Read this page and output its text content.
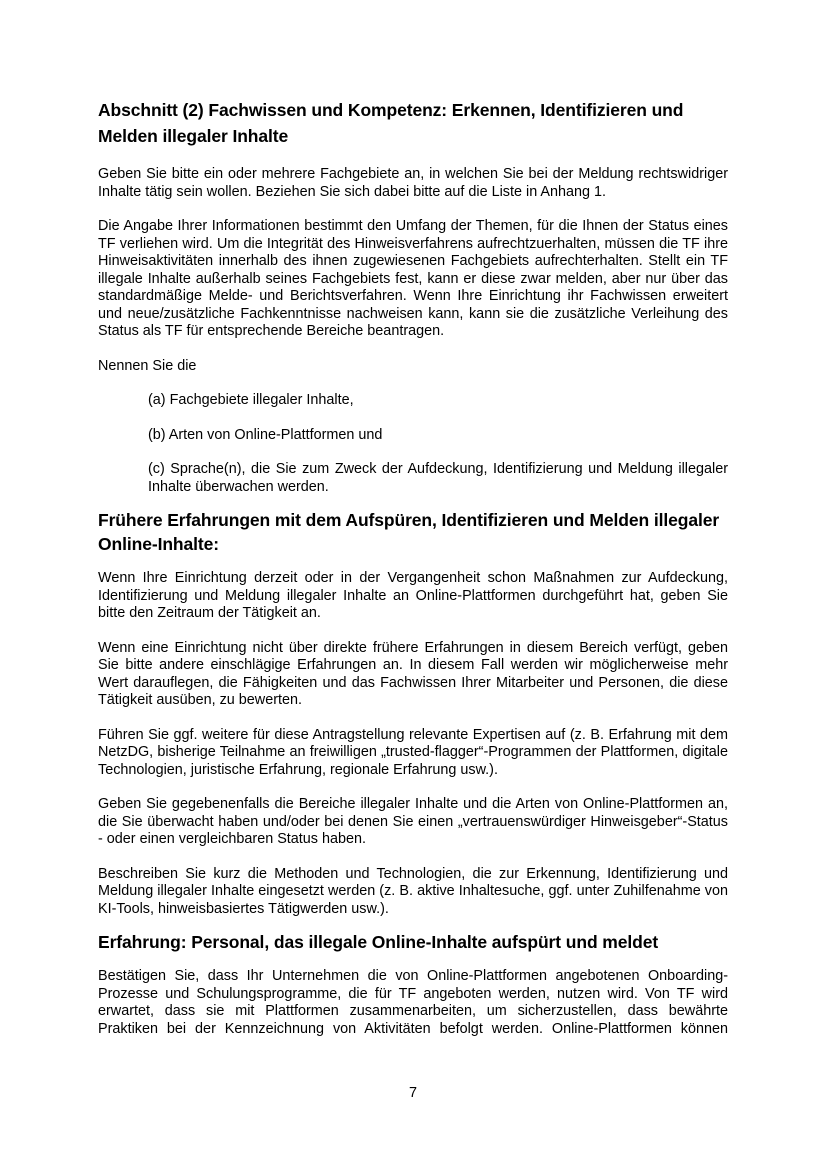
Abschnitt (2) Fachwissen und Kompetenz: Erkennen, Identifizieren und Melden illegaler Inhalte

Geben Sie bitte ein oder mehrere Fachgebiete an, in welchen Sie bei der Meldung rechtswidriger Inhalte tätig sein wollen. Beziehen Sie sich dabei bitte auf die Liste in Anhang 1.

Die Angabe Ihrer Informationen bestimmt den Umfang der Themen, für die Ihnen der Status eines TF verliehen wird. Um die Integrität des Hinweisverfahrens aufrechtzuerhalten, müssen die TF ihre Hinweisaktivitäten innerhalb des ihnen zugewiesenen Fachgebiets aufrechterhalten. Stellt ein TF illegale Inhalte außerhalb seines Fachgebiets fest, kann er diese zwar melden, aber nur über das standardmäßige Melde- und Berichtsverfahren. Wenn Ihre Einrichtung ihr Fachwissen erweitert und neue/zusätzliche Fachkenntnisse nachweisen kann, kann sie die zusätzliche Verleihung des Status als TF für entsprechende Bereiche beantragen.

Nennen Sie die

(a) Fachgebiete illegaler Inhalte,

(b) Arten von Online-Plattformen und

(c) Sprache(n), die Sie zum Zweck der Aufdeckung, Identifizierung und Meldung illegaler Inhalte überwachen werden.

Frühere Erfahrungen mit dem Aufspüren, Identifizieren und Melden illegaler Online-Inhalte:

Wenn Ihre Einrichtung derzeit oder in der Vergangenheit schon Maßnahmen zur Aufdeckung, Identifizierung und Meldung illegaler Inhalte an Online-Plattformen durchgeführt hat, geben Sie bitte den Zeitraum der Tätigkeit an.

Wenn eine Einrichtung nicht über direkte frühere Erfahrungen in diesem Bereich verfügt, geben Sie bitte andere einschlägige Erfahrungen an. In diesem Fall werden wir möglicherweise mehr Wert darauflegen, die Fähigkeiten und das Fachwissen Ihrer Mitarbeiter und Personen, die diese Tätigkeit ausüben, zu bewerten.

Führen Sie ggf. weitere für diese Antragstellung relevante Expertisen auf (z. B. Erfahrung mit dem NetzDG, bisherige Teilnahme an freiwilligen „trusted-flagger“-Programmen der Plattformen, digitale Technologien, juristische Erfahrung, regionale Erfahrung usw.).

Geben Sie gegebenenfalls die Bereiche illegaler Inhalte und die Arten von Online-Plattformen an, die Sie überwacht haben und/oder bei denen Sie einen „vertrauenswürdiger Hinweisgeber“-Status - oder einen vergleichbaren Status haben.

Beschreiben Sie kurz die Methoden und Technologien, die zur Erkennung, Identifizierung und Meldung illegaler Inhalte eingesetzt werden (z. B. aktive Inhaltesuche, ggf. unter Zuhilfenahme von KI-Tools, hinweisbasiertes Tätigwerden usw.).

Erfahrung: Personal, das illegale Online-Inhalte aufspürt und meldet

Bestätigen Sie, dass Ihr Unternehmen die von Online-Plattformen angebotenen Onboarding-Prozesse und Schulungsprogramme, die für TF angeboten werden, nutzen wird. Von TF wird erwartet, dass sie mit Plattformen zusammenarbeiten, um sicherzustellen, dass bewährte Praktiken bei der Kennzeichnung von Aktivitäten befolgt werden. Online-Plattformen können

7
